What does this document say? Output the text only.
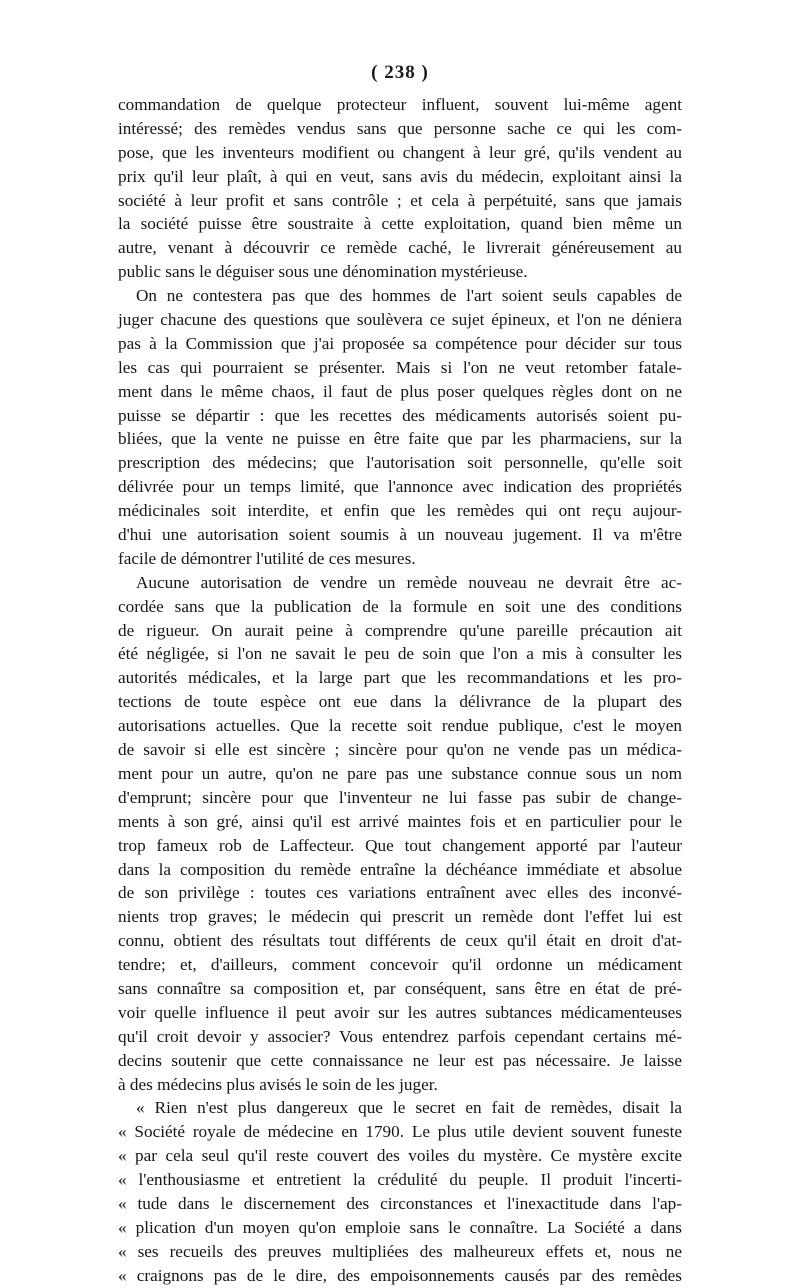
( 238 )
commandation de quelque protecteur influent, souvent lui-même agent
intéressé; des remèdes vendus sans que personne sache ce qui les com-
pose, que les inventeurs modifient ou changent à leur gré, qu'ils vendent au
prix qu'il leur plaît, à qui en veut, sans avis du médecin, exploitant ainsi la
société à leur profit et sans contrôle ; et cela à perpétuité, sans que jamais
la société puisse être soustraite à cette exploitation, quand bien même un
autre, venant à découvrir ce remède caché, le livrerait généreusement au
public sans le déguiser sous une dénomination mystérieuse.
On ne contestera pas que des hommes de l'art soient seuls capables de
juger chacune des questions que soulèvera ce sujet épineux, et l'on ne déniera
pas à la Commission que j'ai proposée sa compétence pour décider sur tous
les cas qui pourraient se présenter. Mais si l'on ne veut retomber fatale-
ment dans le même chaos, il faut de plus poser quelques règles dont on ne
puisse se départir : que les recettes des médicaments autorisés soient pu-
bliées, que la vente ne puisse en être faite que par les pharmaciens, sur la
prescription des médecins; que l'autorisation soit personnelle, qu'elle soit
délivrée pour un temps limité, que l'annonce avec indication des propriétés
médicinales soit interdite, et enfin que les remèdes qui ont reçu aujour-
d'hui une autorisation soient soumis à un nouveau jugement. Il va m'être
facile de démontrer l'utilité de ces mesures.
Aucune autorisation de vendre un remède nouveau ne devrait être ac-
cordée sans que la publication de la formule en soit une des conditions
de rigueur. On aurait peine à comprendre qu'une pareille précaution ait
été négligée, si l'on ne savait le peu de soin que l'on a mis à consulter les
autorités médicales, et la large part que les recommandations et les pro-
tections de toute espèce ont eue dans la délivrance de la plupart des
autorisations actuelles. Que la recette soit rendue publique, c'est le moyen
de savoir si elle est sincère ; sincère pour qu'on ne vende pas un médica-
ment pour un autre, qu'on ne pare pas une substance connue sous un nom
d'emprunt; sincère pour que l'inventeur ne lui fasse pas subir de change-
ments à son gré, ainsi qu'il est arrivé maintes fois et en particulier pour le
trop fameux rob de Laffecteur. Que tout changement apporté par l'auteur
dans la composition du remède entraîne la déchéance immédiate et absolue
de son privilège : toutes ces variations entraînent avec elles des inconvé-
nients trop graves; le médecin qui prescrit un remède dont l'effet lui est
connu, obtient des résultats tout différents de ceux qu'il était en droit d'at-
tendre; et, d'ailleurs, comment concevoir qu'il ordonne un médicament
sans connaître sa composition et, par conséquent, sans être en état de pré-
voir quelle influence il peut avoir sur les autres subtances médicamenteuses
qu'il croit devoir y associer? Vous entendrez parfois cependant certains mé-
decins soutenir que cette connaissance ne leur est pas nécessaire. Je laisse
à des médecins plus avisés le soin de les juger.
« Rien n'est plus dangereux que le secret en fait de remèdes, disait la
« Société royale de médecine en 1790. Le plus utile devient souvent funeste
« par cela seul qu'il reste couvert des voiles du mystère. Ce mystère excite
« l'enthousiasme et entretient la crédulité du peuple. Il produit l'incerti-
« tude dans le discernement des circonstances et l'inexactitude dans l'ap-
« plication d'un moyen qu'on emploie sans le connaître. La Société a dans
« ses recueils des preuves multipliées des malheureux effets et, nous ne
« craignons pas de le dire, des empoisonnements causés par des remèdes
